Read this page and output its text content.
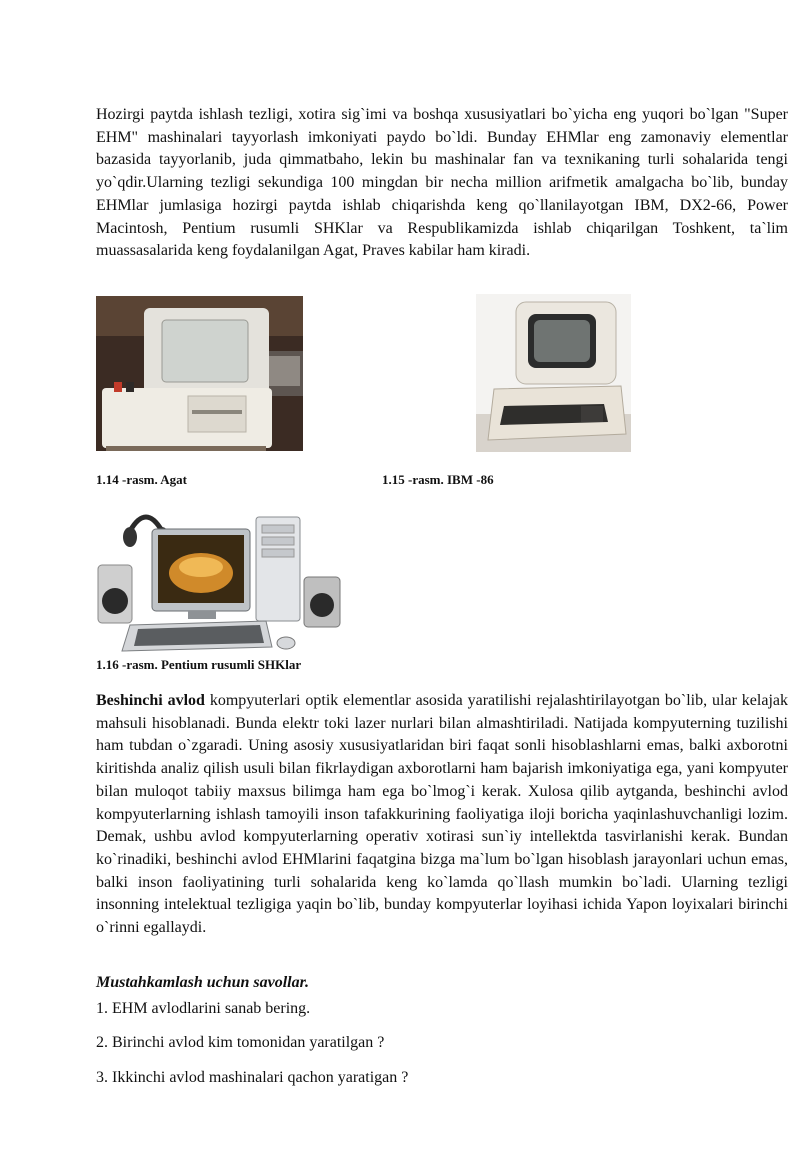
Hozirgi paytda ishlash tezligi, xotira sig`imi va boshqa xususiyatlari bo`yicha eng yuqori bo`lgan "Super EHM" mashinalari tayyorlash imkoniyati paydo bo`ldi. Bunday EHMlar eng zamonaviy elementlar bazasida tayyorlanib, juda qimmatbaho, lekin bu mashinalar fan va texnikaning turli sohalarida tengi yo`qdir.Ularning tezligi sekundiga 100 mingdan bir necha million arifmetik amalgacha bo`lib, bunday EHMlar jumlasiga hozirgi paytda ishlab chiqarishda keng qo`llanilayotgan IBM, DX2-66, Power Macintosh, Pentium rusumli SHKlar va Respublikamizda ishlab chiqarilgan Toshkent, ta`lim muassasalarida keng foydalanilgan Agat, Praves kabilar ham kiradi.
1.14 -rasm. Agat	1.15 -rasm. IBM -86
1.16 -rasm. Pentium rusumli SHKlar
Beshinchi avlod kompyuterlari optik elementlar asosida yaratilishi rejalashtirilayotgan bo`lib, ular kelajak mahsuli hisoblanadi. Bunda elektr toki lazer nurlari bilan almashtiriladi. Natijada kompyuterning tuzilishi ham tubdan o`zgaradi. Uning asosiy xususiyatlaridan biri faqat sonli hisoblashlarni emas, balki axborotni kiritishda analiz qilish usuli bilan fikrlaydigan axborotlarni ham bajarish imkoniyatiga ega, yani kompyuter bilan muloqot tabiiy maxsus bilimga ham ega bo`lmog`i kerak. Xulosa qilib aytganda, beshinchi avlod kompyuterlarning ishlash tamoyili inson tafakkurining faoliyatiga iloji boricha yaqinlashuvchanligi lozim. Demak, ushbu avlod kompyuterlarning operativ xotirasi sun`iy intellektda tasvirlanishi kerak. Bundan ko`rinadiki, beshinchi avlod EHMlarini faqatgina bizga ma`lum bo`lgan hisoblash jarayonlari uchun emas, balki inson faoliyatining turli sohalarida keng ko`lamda qo`llash mumkin bo`ladi. Ularning tezligi insonning intelektual tezligiga yaqin bo`lib, bunday kompyuterlar loyihasi ichida Yapon loyixalari birinchi o`rinni egallaydi.
Mustahkamlash uchun savollar.
1. EHM avlodlarini sanab bering.
2. Birinchi avlod kim tomonidan yaratilgan ?
3. Ikkinchi avlod mashinalari qachon yaratigan ?
